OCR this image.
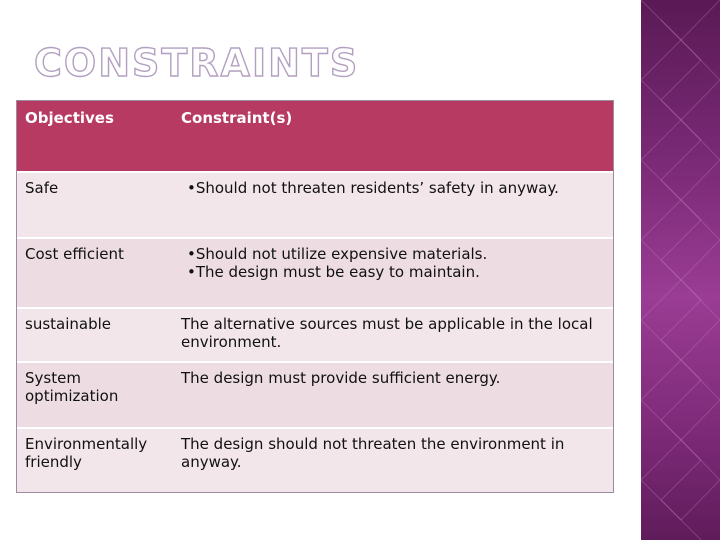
CONSTRAINTS
Objectives	Constraint(s)
Safe	•Should not threaten residents’ safety in anyway.

Cost efficient	•Should not utilize expensive materials.
•The design must be easy to maintain.

sustainable	The alternative sources must be applicable in the local environment.

System optimization	The design must provide sufficient energy.

Environmentally friendly	The design should not threaten the environment in anyway.
